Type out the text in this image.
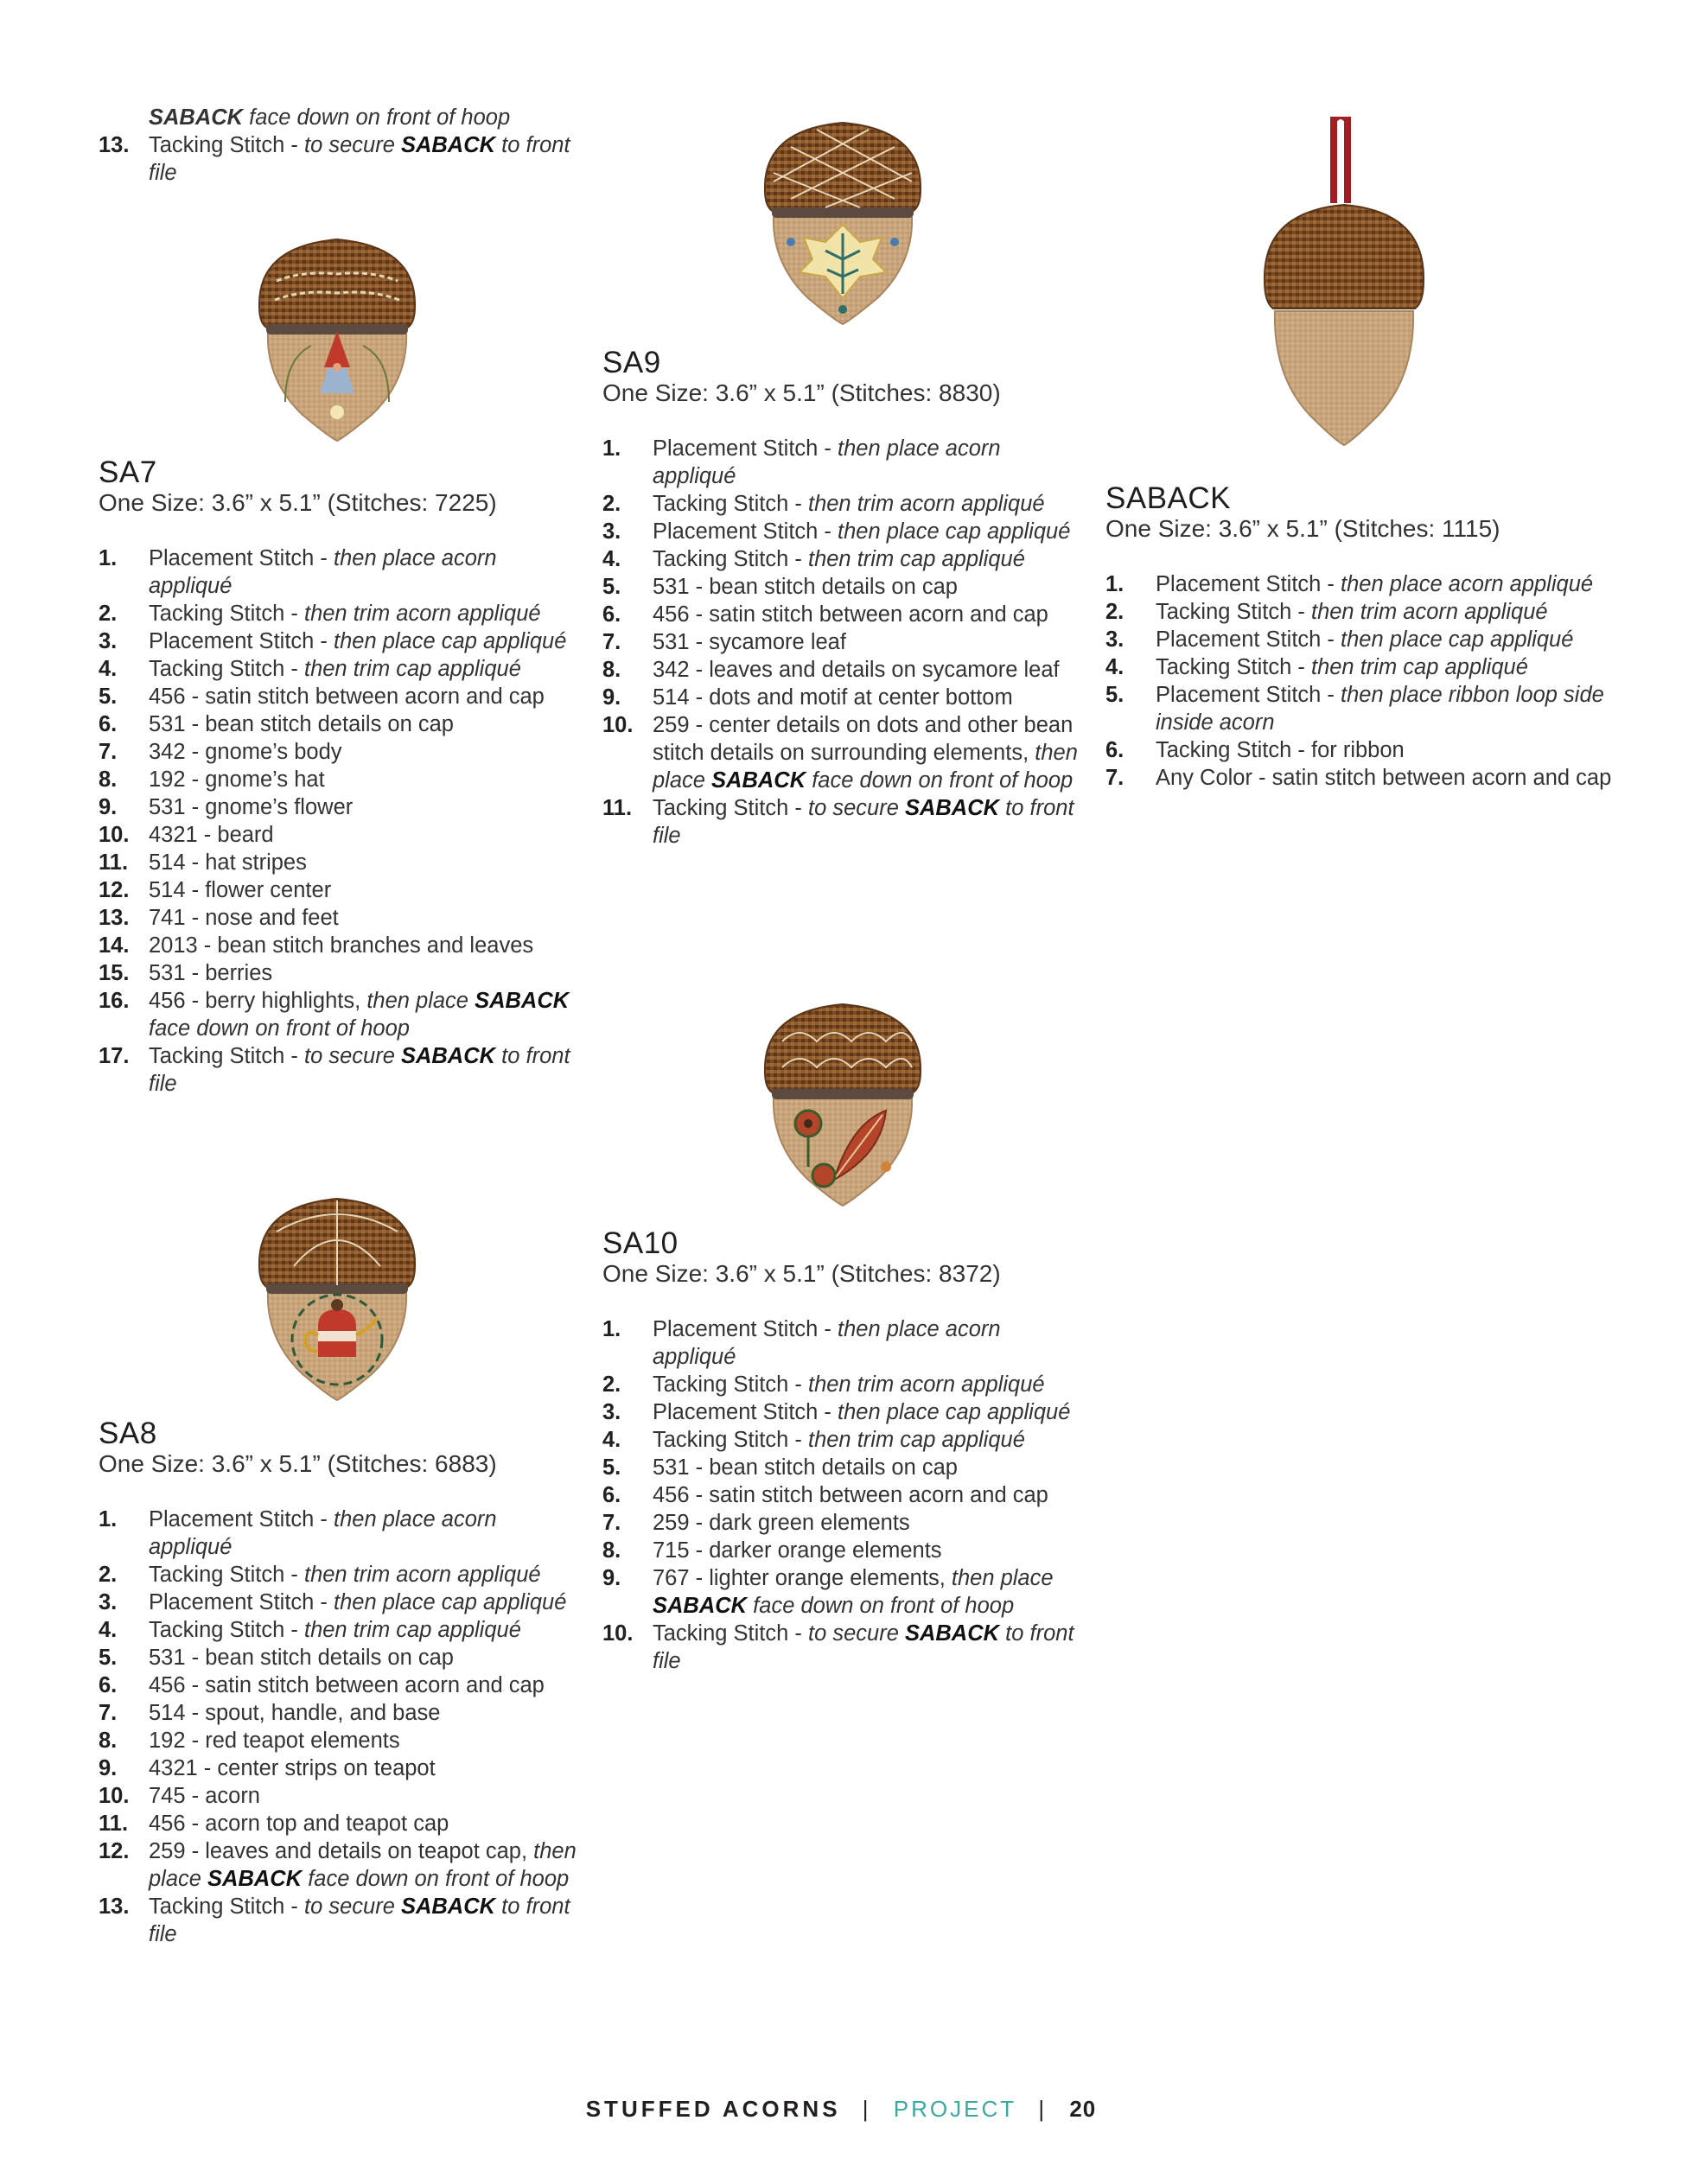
SABACK face down on front of hoop
13. Tacking Stitch - to secure SABACK to front file
SA7

One Size: 3.6” x 5.1” (Stitches: 7225)

1. Placement Stitch - then place acorn appliqué
2. Tacking Stitch - then trim acorn appliqué
3. Placement Stitch - then place cap appliqué
4. Tacking Stitch - then trim cap appliqué
5. 456 - satin stitch between acorn and cap
6. 531 - bean stitch details on cap
7. 342 - gnome’s body
8. 192 - gnome’s hat
9. 531 - gnome’s flower
10. 4321 - beard
11. 514 - hat stripes
12. 514 - flower center
13. 741 - nose and feet
14. 2013 - bean stitch branches and leaves
15. 531 - berries
16. 456 - berry highlights, then place SABACK face down on front of hoop
17. Tacking Stitch - to secure SABACK to front file
SA8

One Size: 3.6” x 5.1” (Stitches: 6883)

1. Placement Stitch - then place acorn appliqué
2. Tacking Stitch - then trim acorn appliqué
3. Placement Stitch - then place cap appliqué
4. Tacking Stitch - then trim cap appliqué
5. 531 - bean stitch details on cap
6. 456 - satin stitch between acorn and cap
7. 514 - spout, handle, and base
8. 192 - red teapot elements
9. 4321 - center strips on teapot
10. 745 - acorn
11. 456 - acorn top and teapot cap
12. 259 - leaves and details on teapot cap, then place SABACK face down on front of hoop
13. Tacking Stitch - to secure SABACK to front file
SA9

One Size: 3.6” x 5.1” (Stitches: 8830)

1. Placement Stitch - then place acorn appliqué
2. Tacking Stitch - then trim acorn appliqué
3. Placement Stitch - then place cap appliqué
4. Tacking Stitch - then trim cap appliqué
5. 531 - bean stitch details on cap
6. 456 - satin stitch between acorn and cap
7. 531 - sycamore leaf
8. 342 - leaves and details on sycamore leaf
9. 514 - dots and motif at center bottom
10. 259 - center details on dots and other bean stitch details on surrounding elements, then place SABACK face down on front of hoop
11. Tacking Stitch - to secure SABACK to front file
SA10

One Size: 3.6” x 5.1” (Stitches: 8372)

1. Placement Stitch - then place acorn appliqué
2. Tacking Stitch - then trim acorn appliqué
3. Placement Stitch - then place cap appliqué
4. Tacking Stitch - then trim cap appliqué
5. 531 - bean stitch details on cap
6. 456 - satin stitch between acorn and cap
7. 259 - dark green elements
8. 715 - darker orange elements
9. 767 - lighter orange elements, then place SABACK face down on front of hoop
10. Tacking Stitch - to secure SABACK to front file
SABACK

One Size: 3.6” x 5.1” (Stitches: 1115)

1. Placement Stitch - then place acorn appliqué
2. Tacking Stitch - then trim acorn appliqué
3. Placement Stitch - then place cap appliqué
4. Tacking Stitch - then trim cap appliqué
5. Placement Stitch - then place ribbon loop side inside acorn
6. Tacking Stitch - for ribbon
7. Any Color - satin stitch between acorn and cap
STUFFED ACORNS | PROJECT | 20
